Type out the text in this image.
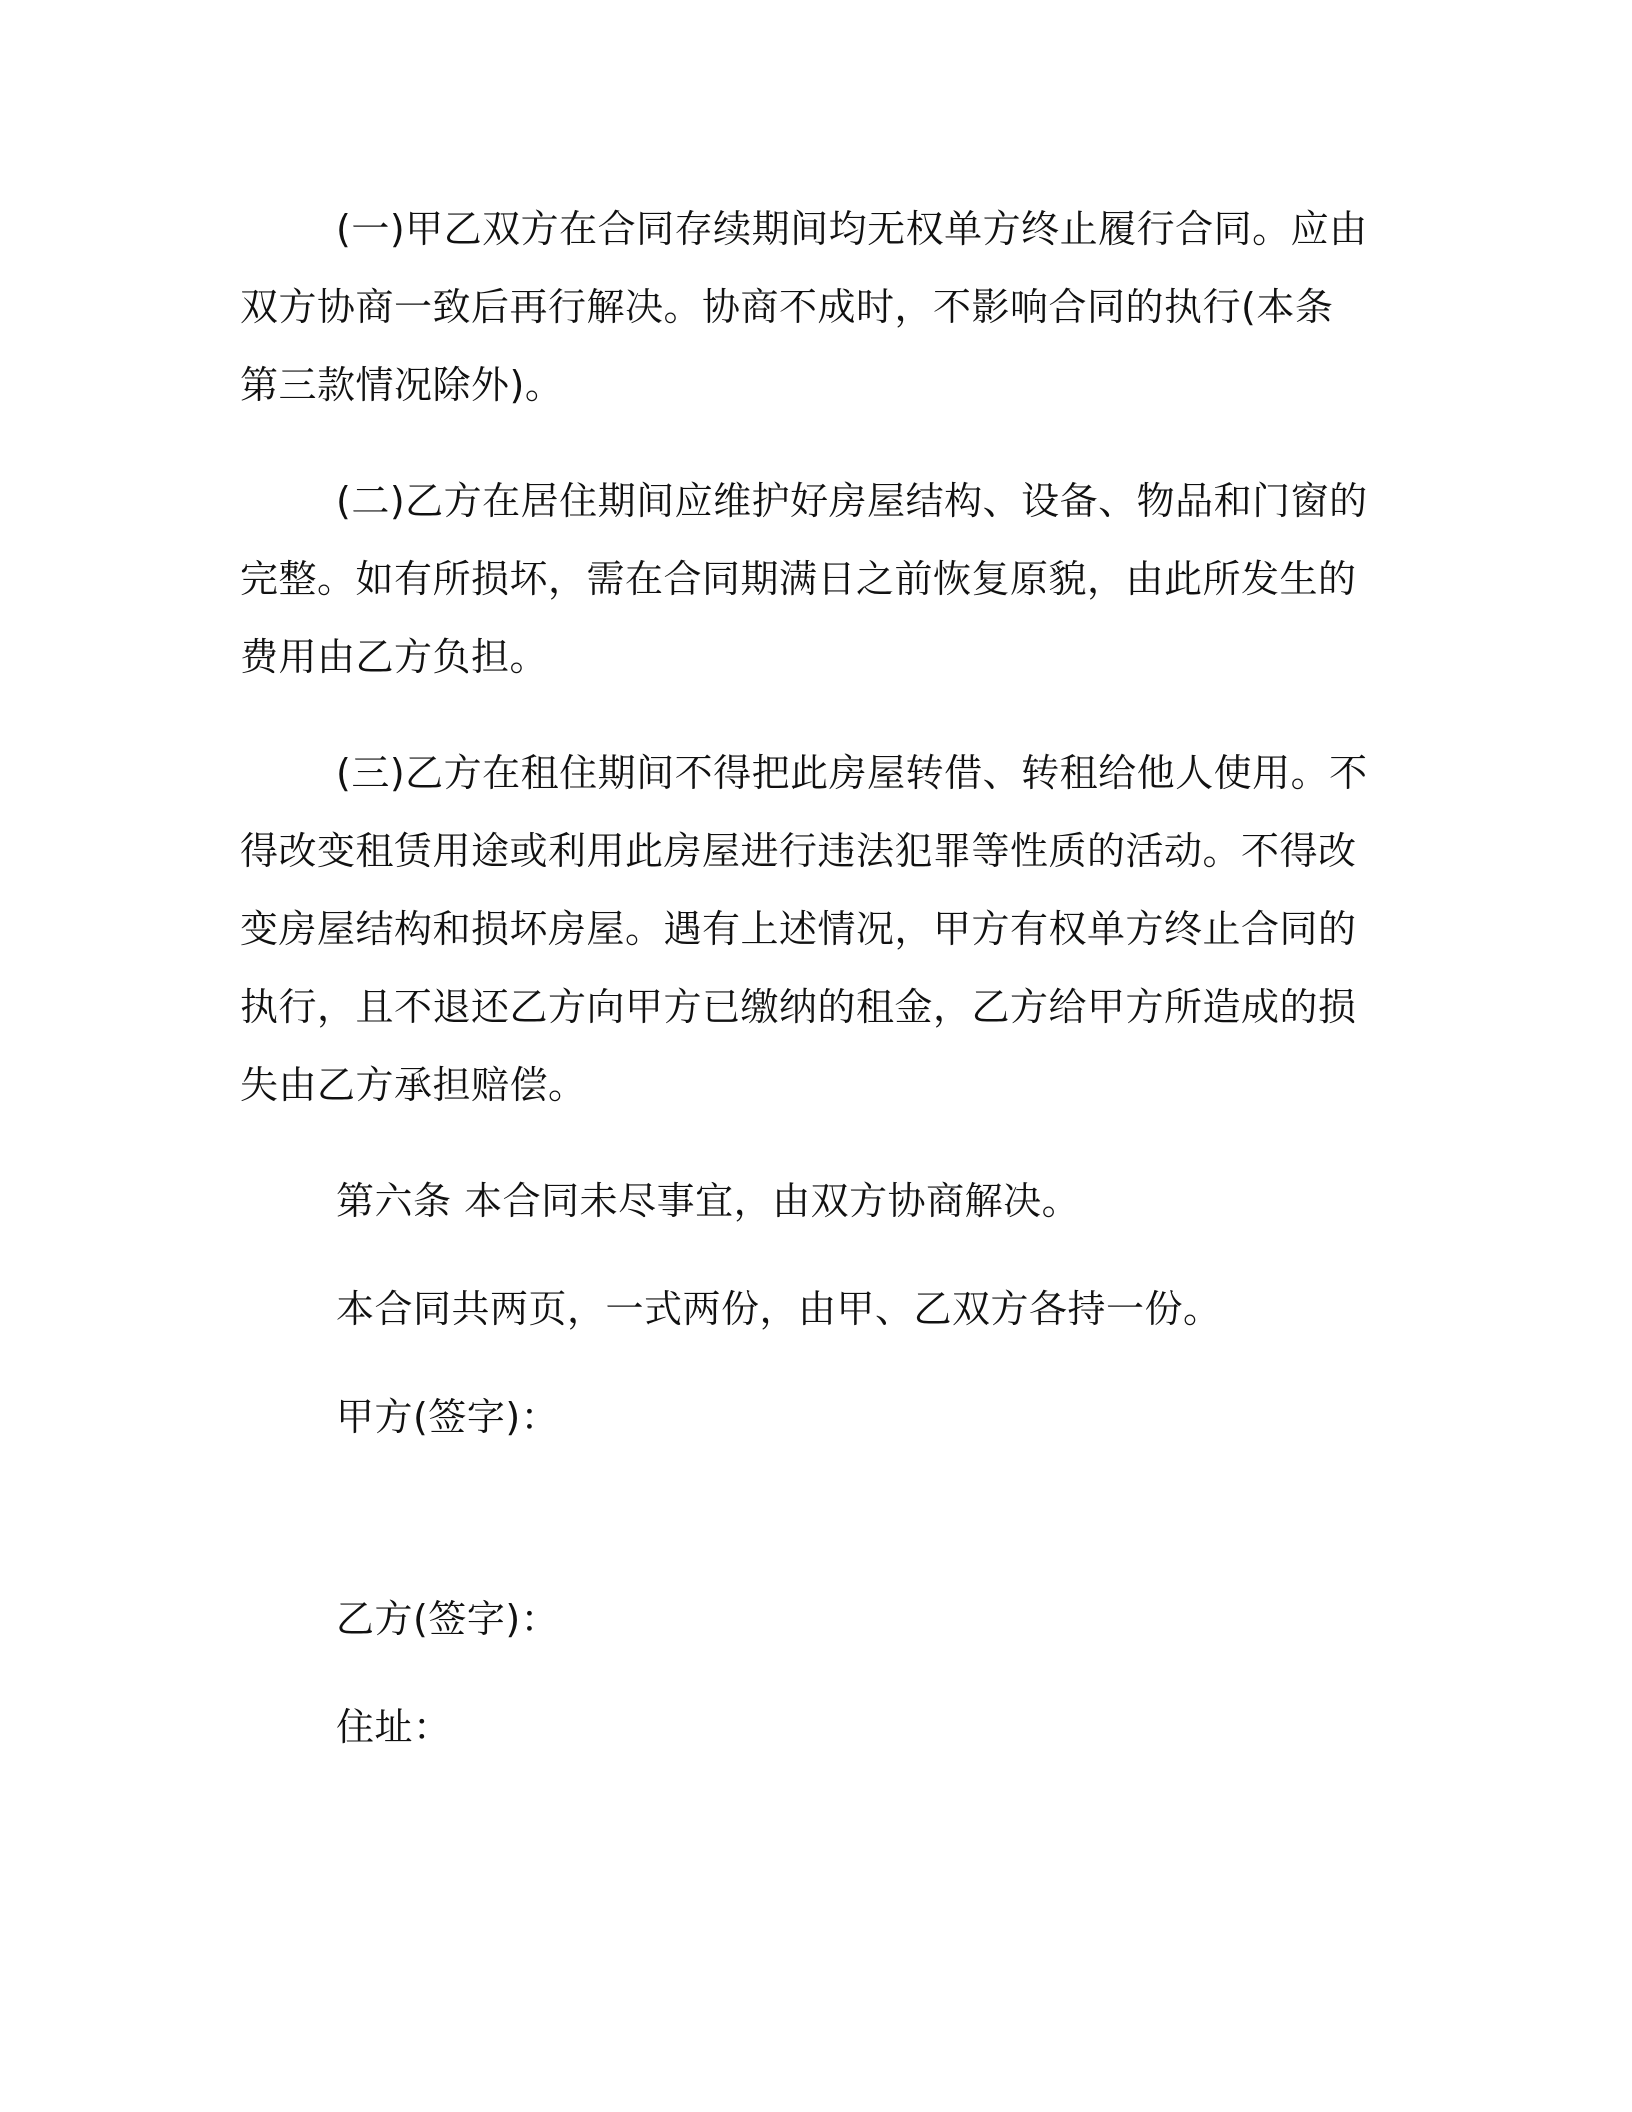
(一)甲乙双方在合同存续期间均无权单方终止履行合同。应由双方协商一致后再行解决。协商不成时，不影响合同的执行(本条第三款情况除外)。

(二)乙方在居住期间应维护好房屋结构、设备、物品和门窗的完整。如有所损坏，需在合同期满日之前恢复原貌，由此所发生的费用由乙方负担。

(三)乙方在租住期间不得把此房屋转借、转租给他人使用。不得改变租赁用途或利用此房屋进行违法犯罪等性质的活动。不得改变房屋结构和损坏房屋。遇有上述情况，甲方有权单方终止合同的执行，且不退还乙方向甲方已缴纳的租金，乙方给甲方所造成的损失由乙方承担赔偿。

第六条 本合同未尽事宜，由双方协商解决。

本合同共两页，一式两份，由甲、乙双方各持一份。

甲方(签字)：

乙方(签字)：

住址：
